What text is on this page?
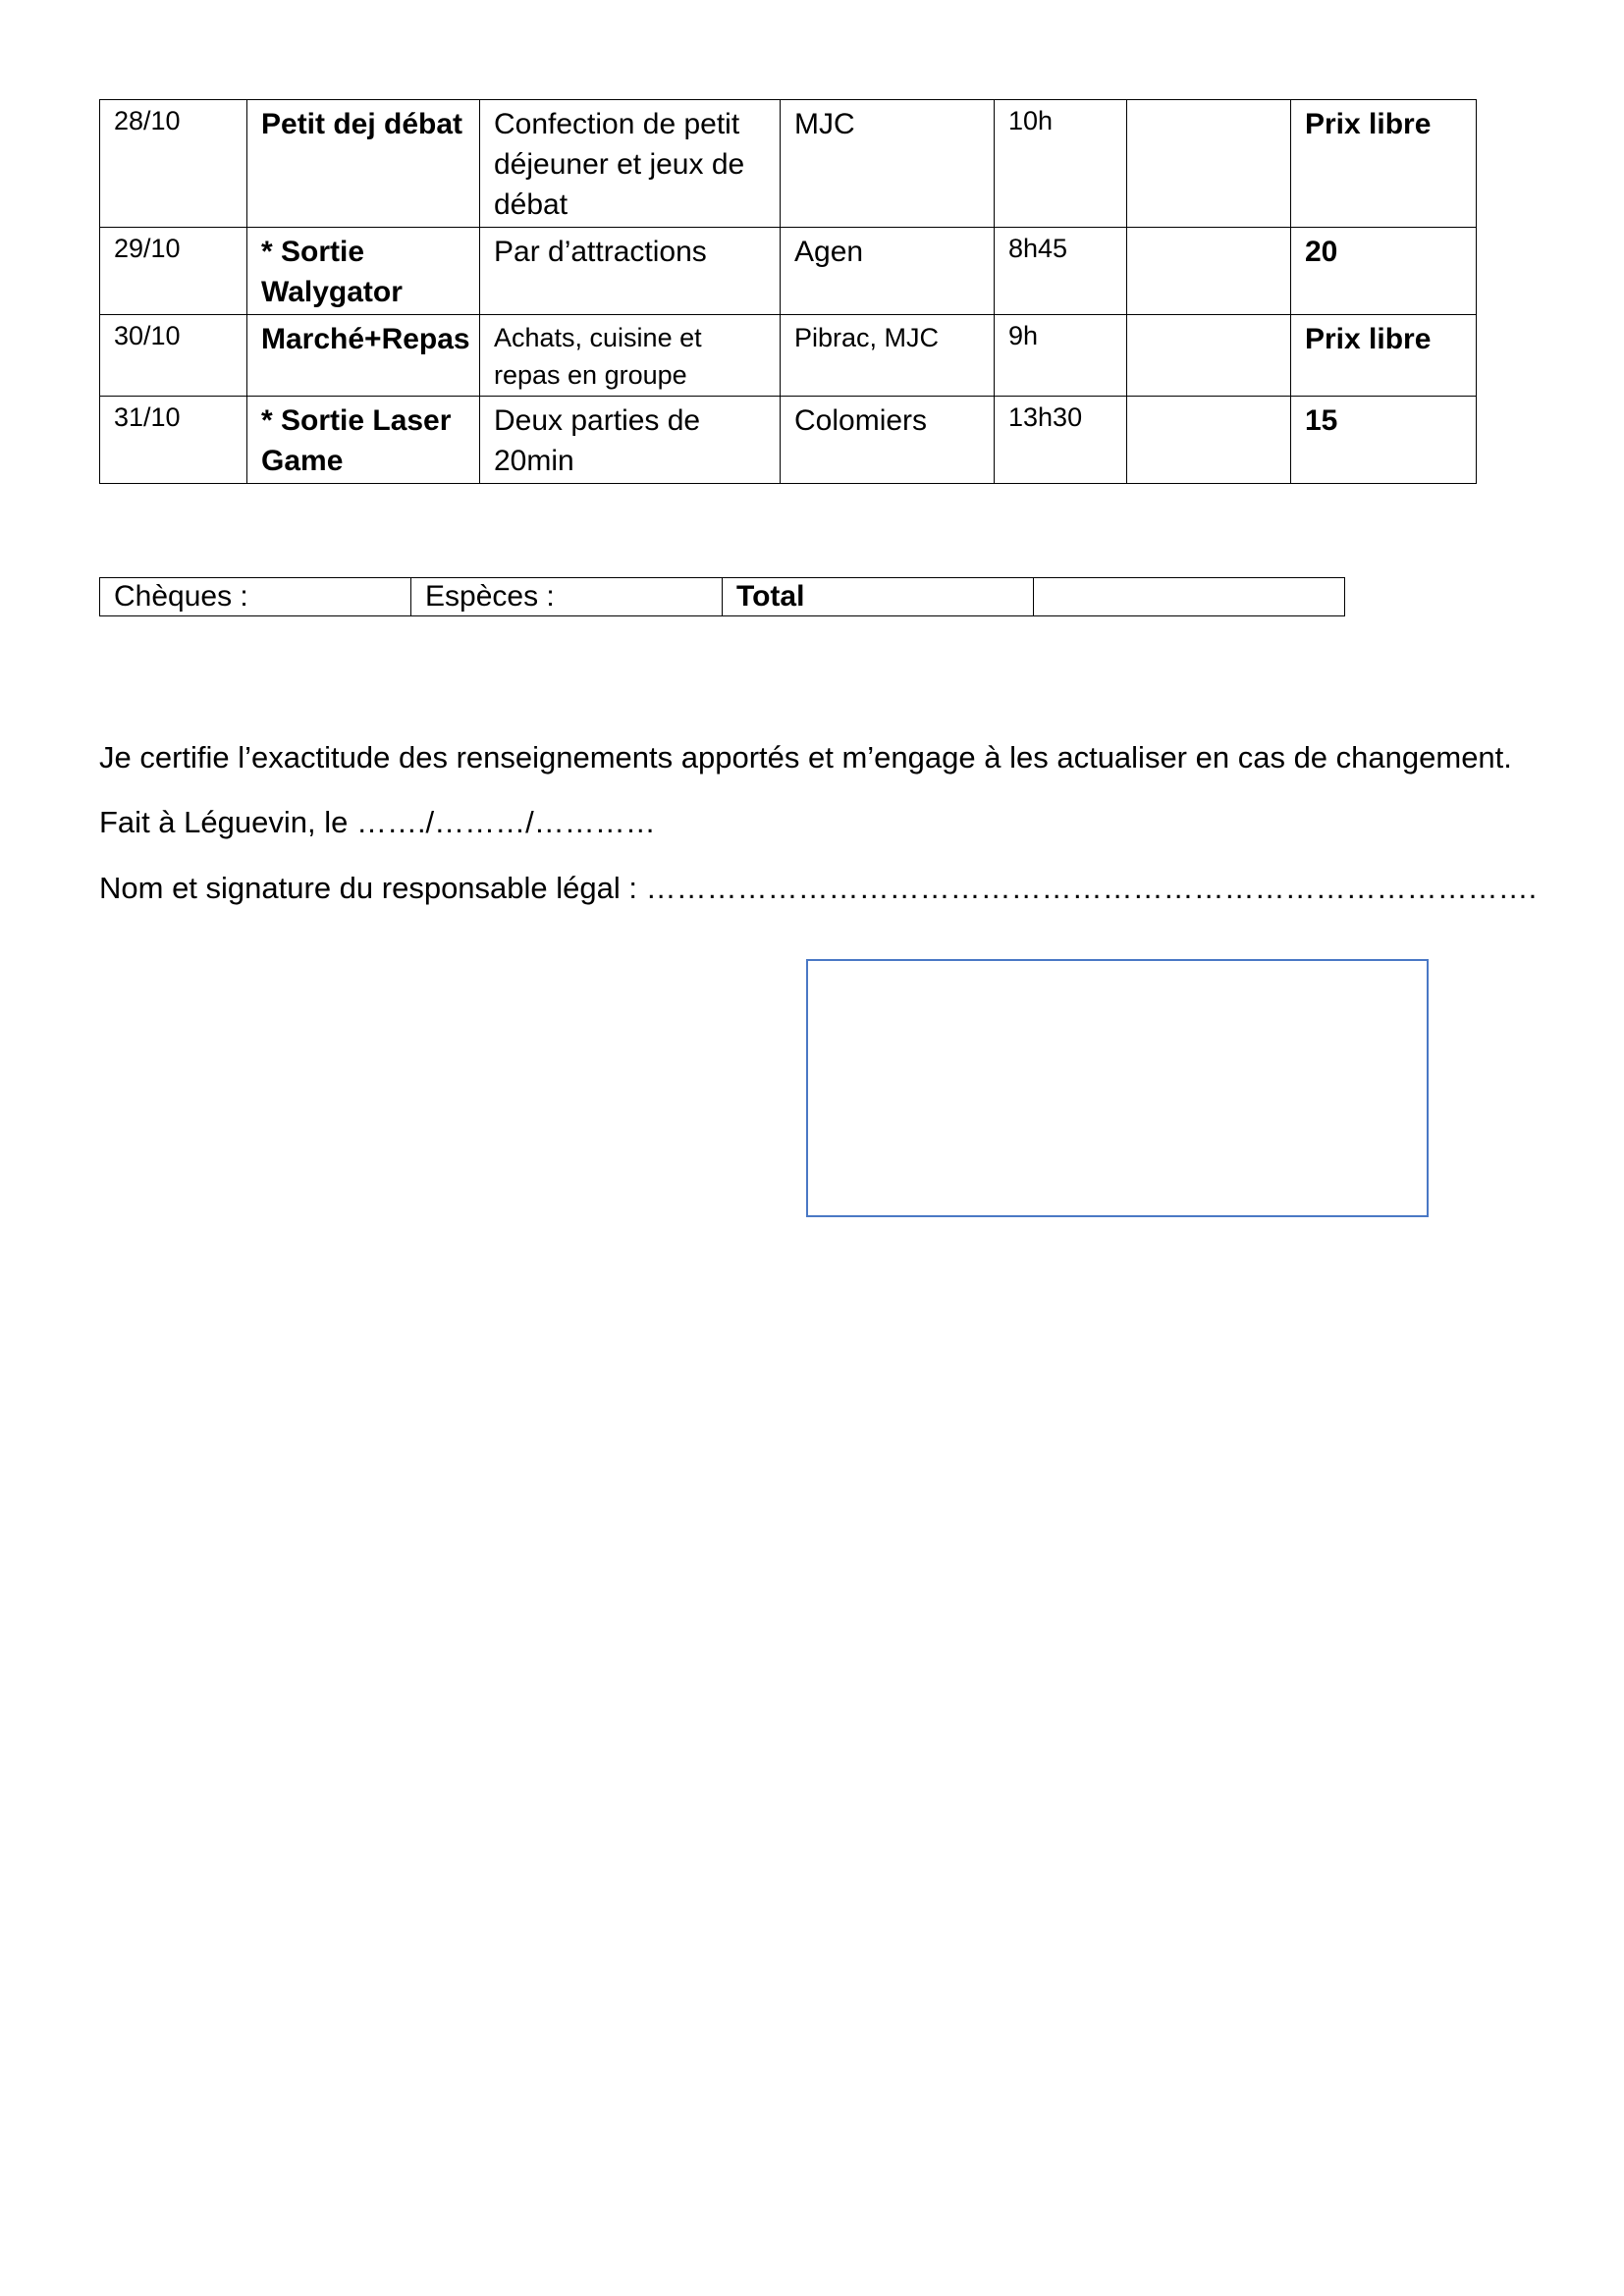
28/10	Petit dej débat	Confection de petit déjeuner et jeux de débat	MJC	10h		Prix libre
29/10	* Sortie Walygator	Par d’attractions	Agen	8h45		20
30/10	Marché+Repas	Achats, cuisine et repas en groupe	Pibrac, MJC	9h		Prix libre
31/10	* Sortie Laser Game	Deux parties de 20min	Colomiers	13h30		15
Chèques :	Espèces :	Total	
Je certifie l’exactitude des renseignements apportés et m’engage à les actualiser en cas de changement.
Fait à Léguevin, le ……./………/…………
Nom et signature du responsable légal : …………………………………………………………………………….
